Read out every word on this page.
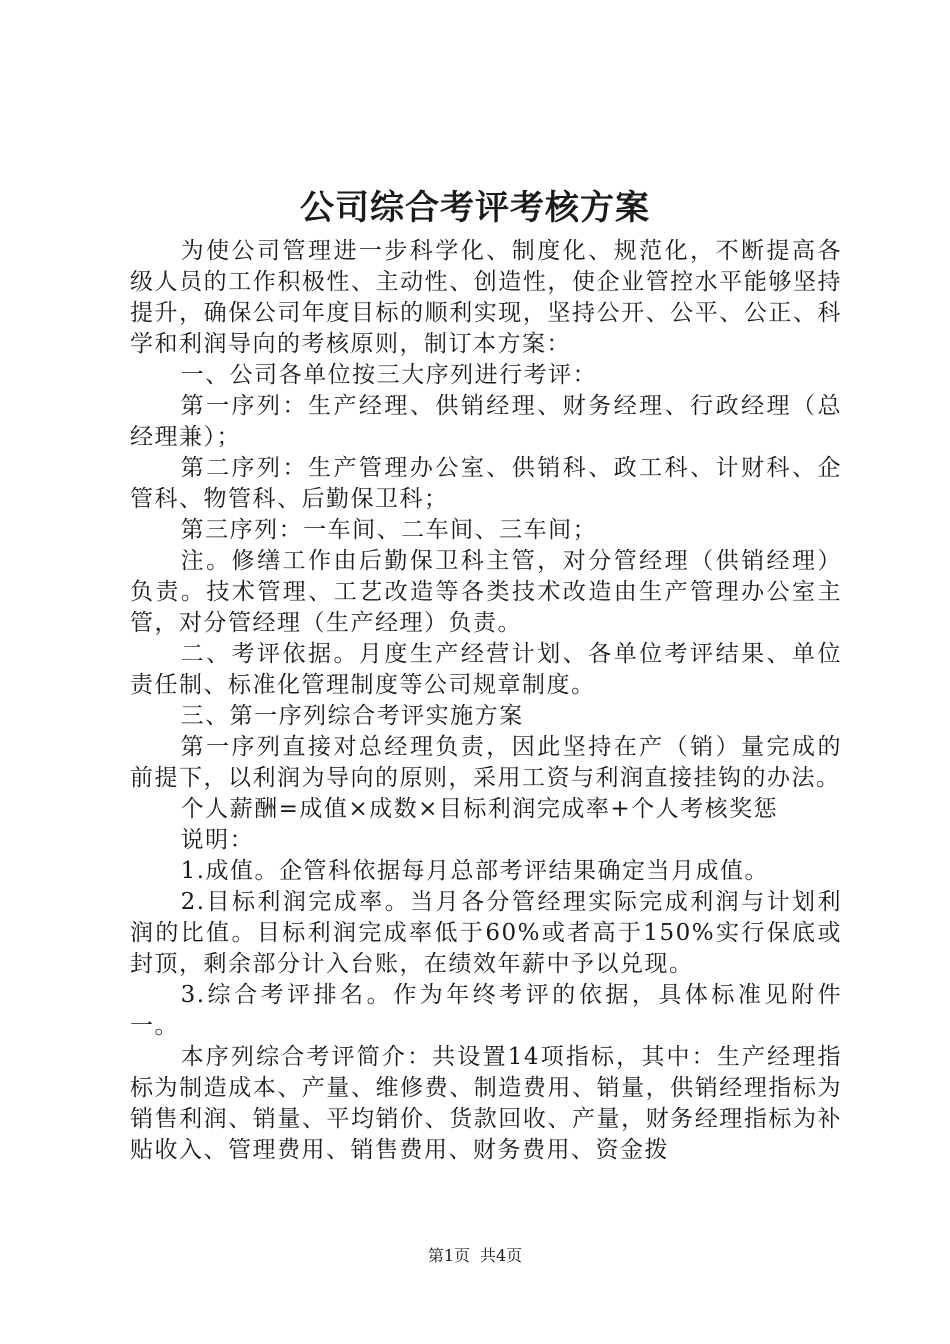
公司综合考评考核方案

为使公司管理进一步科学化、制度化、规范化，不断提高各级人员的工作积极性、主动性、创造性，使企业管控水平能够坚持提升，确保公司年度目标的顺利实现，坚持公开、公平、公正、科学和利润导向的考核原则，制订本方案：

一、公司各单位按三大序列进行考评：

第一序列：生产经理、供销经理、财务经理、行政经理（总经理兼）；

第二序列：生产管理办公室、供销科、政工科、计财科、企管科、物管科、后勤保卫科；

第三序列：一车间、二车间、三车间；

注。修缮工作由后勤保卫科主管，对分管经理（供销经理）负责。技术管理、工艺改造等各类技术改造由生产管理办公室主管，对分管经理（生产经理）负责。

二、考评依据。月度生产经营计划、各单位考评结果、单位责任制、标准化管理制度等公司规章制度。

三、第一序列综合考评实施方案

第一序列直接对总经理负责，因此坚持在产（销）量完成的前提下，以利润为导向的原则，采用工资与利润直接挂钩的办法。

个人薪酬=成值×成数×目标利润完成率+个人考核奖惩

说明：

1.成值。企管科依据每月总部考评结果确定当月成值。

2.目标利润完成率。当月各分管经理实际完成利润与计划利润的比值。目标利润完成率低于60%或者高于150%实行保底或封顶，剩余部分计入台账，在绩效年薪中予以兑现。

3.综合考评排名。作为年终考评的依据，具体标准见附件一。

本序列综合考评简介：共设置14项指标，其中：生产经理指标为制造成本、产量、维修费、制造费用、销量，供销经理指标为销售利润、销量、平均销价、货款回收、产量，财务经理指标为补贴收入、管理费用、销售费用、财务费用、资金拨

第1页 共4页
